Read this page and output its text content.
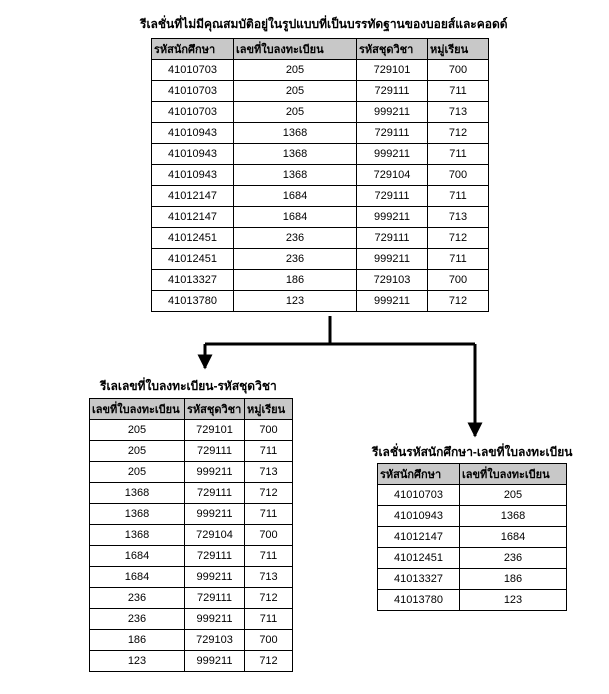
รีเลชั่นที่ไม่มีคุณสมบัติอยู่ในรูปแบบที่เป็นบรรทัดฐานของบอยส์และคอดด์
รหัสนักศึกษา	เลขที่ใบลงทะเบียน	รหัสชุดวิชา	หมู่เรียน
41010703	205	729101	700
41010703	205	729111	711
41010703	205	999211	713
41010943	1368	729111	712
41010943	1368	999211	711
41010943	1368	729104	700
41012147	1684	729111	711
41012147	1684	999211	713
41012451	236	729111	712
41012451	236	999211	711
41013327	186	729103	700
41013780	123	999211	712
รีเลเลขที่ใบลงทะเบียน-รหัสชุดวิชา
เลขที่ใบลงทะเบียน	รหัสชุดวิชา	หมู่เรียน
205	729101	700
205	729111	711
205	999211	713
1368	729111	712
1368	999211	711
1368	729104	700
1684	729111	711
1684	999211	713
236	729111	712
236	999211	711
186	729103	700
123	999211	712
รีเลชั่นรหัสนักศึกษา-เลขที่ใบลงทะเบียน
รหัสนักศึกษา	เลขที่ใบลงทะเบียน
41010703	205
41010943	1368
41012147	1684
41012451	236
41013327	186
41013780	123
